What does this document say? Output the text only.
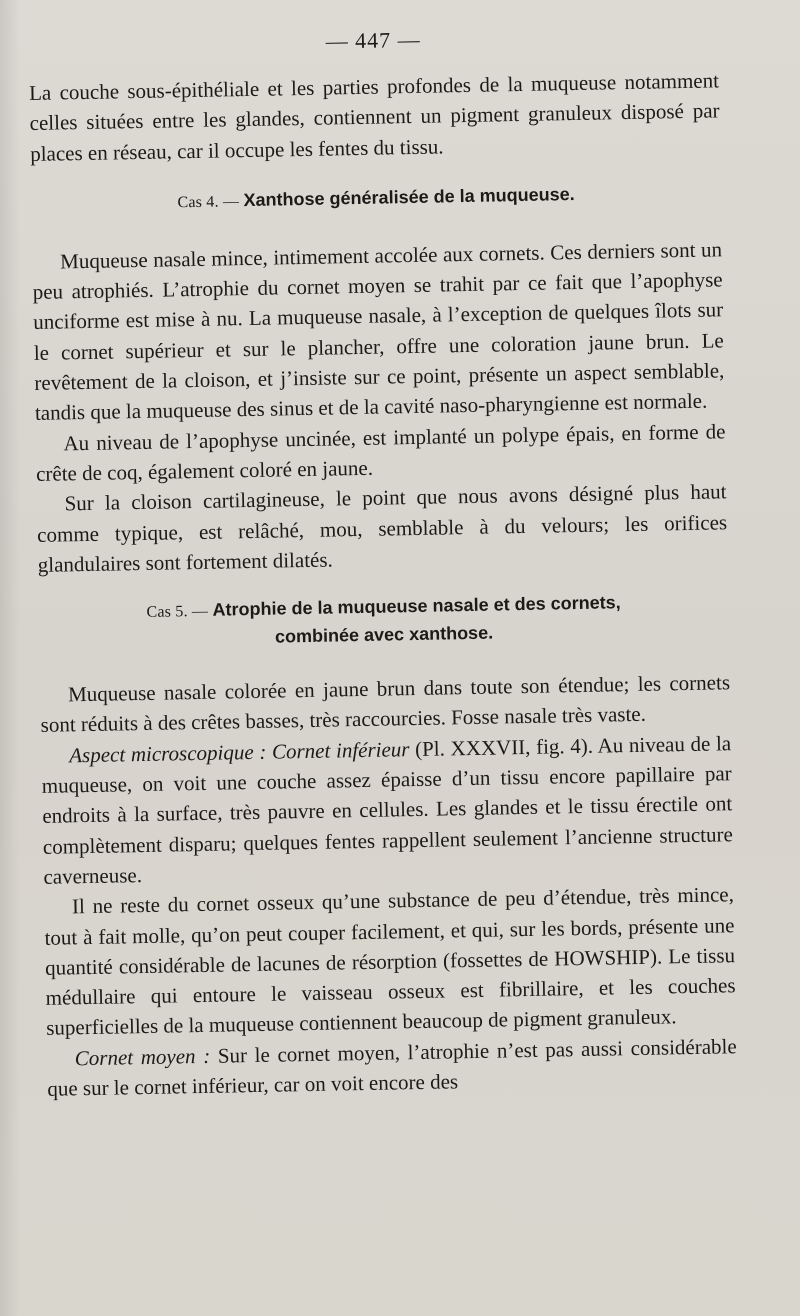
— 447 —

La couche sous-épithéliale et les parties profondes de la muqueuse notamment celles situées entre les glandes, contiennent un pigment granuleux disposé par places en réseau, car il occupe les fentes du tissu.

Cas 4. — Xanthose généralisée de la muqueuse.

Muqueuse nasale mince, intimement accolée aux cornets. Ces derniers sont un peu atrophiés. L’atrophie du cornet moyen se trahit par ce fait que l’apophyse unciforme est mise à nu. La muqueuse nasale, à l’exception de quelques îlots sur le cornet supérieur et sur le plancher, offre une coloration jaune brun. Le revêtement de la cloison, et j’insiste sur ce point, présente un aspect semblable, tandis que la muqueuse des sinus et de la cavité naso-pharyngienne est normale.

Au niveau de l’apophyse uncinée, est implanté un polype épais, en forme de crête de coq, également coloré en jaune.

Sur la cloison cartilagineuse, le point que nous avons désigné plus haut comme typique, est relâché, mou, semblable à du velours; les orifices glandulaires sont fortement dilatés.

Cas 5. — Atrophie de la muqueuse nasale et des cornets,
combinée avec xanthose.

Muqueuse nasale colorée en jaune brun dans toute son étendue; les cornets sont réduits à des crêtes basses, très raccourcies. Fosse nasale très vaste.

Aspect microscopique : Cornet inférieur (Pl. XXXVII, fig. 4). Au niveau de la muqueuse, on voit une couche assez épaisse d’un tissu encore papillaire par endroits à la surface, très pauvre en cellules. Les glandes et le tissu érectile ont complètement disparu; quelques fentes rappellent seulement l’ancienne structure caverneuse.

Il ne reste du cornet osseux qu’une substance de peu d’étendue, très mince, tout à fait molle, qu’on peut couper facilement, et qui, sur les bords, présente une quantité considérable de lacunes de résorption (fossettes de HOWSHIP). Le tissu médullaire qui entoure le vaisseau osseux est fibrillaire, et les couches superficielles de la muqueuse contiennent beaucoup de pigment granuleux.

Cornet moyen : Sur le cornet moyen, l’atrophie n’est pas aussi considérable que sur le cornet inférieur, car on voit encore des
